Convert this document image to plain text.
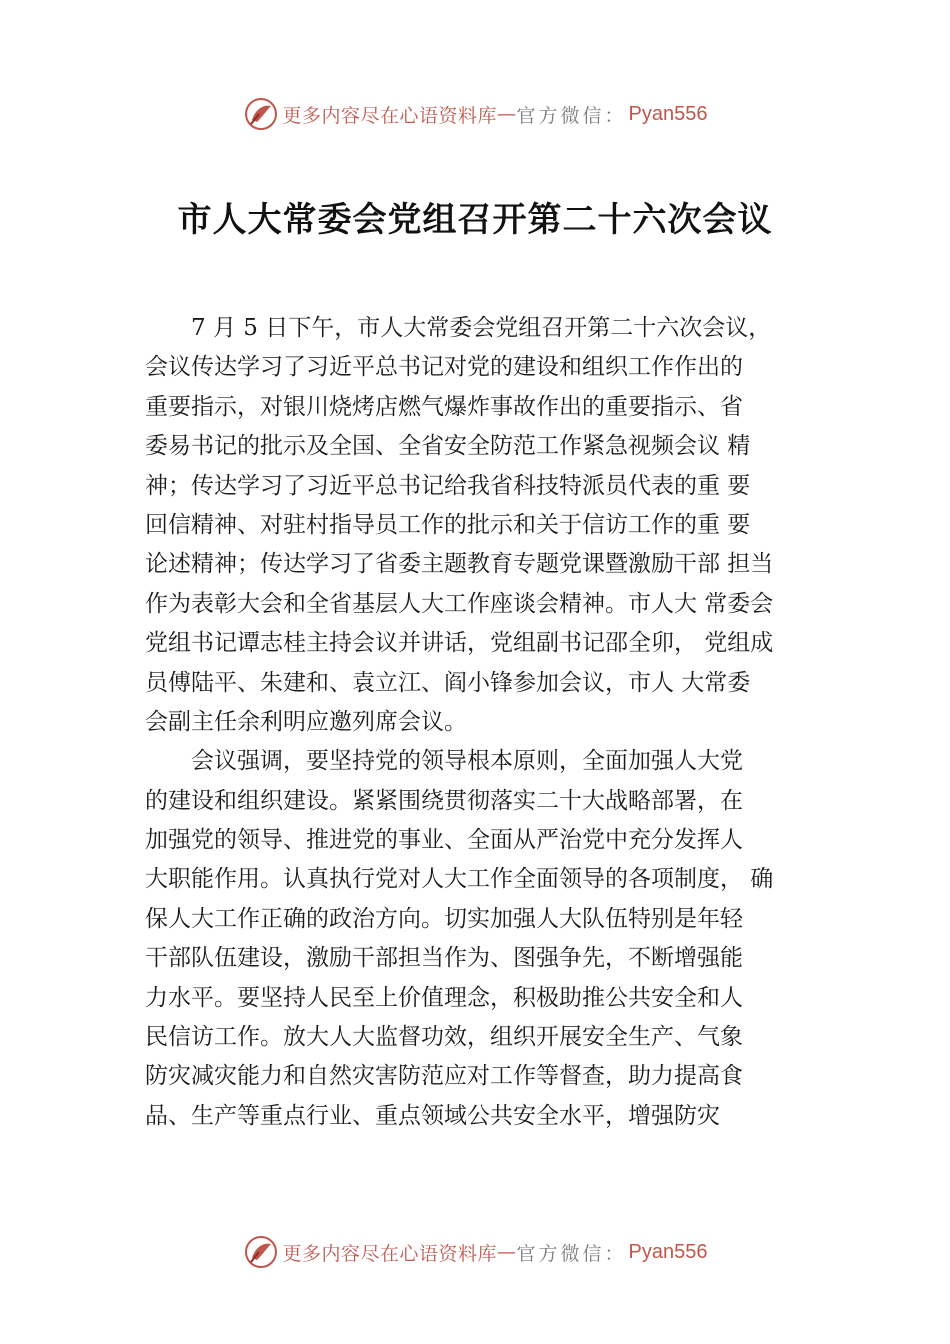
更多内容尽在心语资料库 — 官方微信： Pyan556
市人大常委会党组召开第二十六次会议
7 月 5 日下午，市人大常委会党组召开第二十六次会议，
会议传达学习了习近平总书记对党的建设和组织工作作出的
重要指示，对银川烧烤店燃气爆炸事故作出的重要指示、省
委易书记的批示及全国、全省安全防范工作紧急视频会议 精
神；传达学习了习近平总书记给我省科技特派员代表的重 要
回信精神、对驻村指导员工作的批示和关于信访工作的重 要
论述精神；传达学习了省委主题教育专题党课暨激励干部 担当
作为表彰大会和全省基层人大工作座谈会精神。市人大 常委会
党组书记谭志桂主持会议并讲话，党组副书记邵全卯， 党组成
员傅陆平、朱建和、袁立江、阎小锋参加会议，市人 大常委
会副主任余利明应邀列席会议。
会议强调，要坚持党的领导根本原则，全面加强人大党
的建设和组织建设。紧紧围绕贯彻落实二十大战略部署，在
加强党的领导、推进党的事业、全面从严治党中充分发挥人
大职能作用。认真执行党对人大工作全面领导的各项制度， 确
保人大工作正确的政治方向。切实加强人大队伍特别是年轻
干部队伍建设，激励干部担当作为、图强争先，不断增强能
力水平。要坚持人民至上价值理念，积极助推公共安全和人
民信访工作。放大人大监督功效，组织开展安全生产、气象
防灾减灾能力和自然灾害防范应对工作等督查，助力提高食
品、生产等重点行业、重点领域公共安全水平，增强防灾
更多内容尽在心语资料库 — 官方微信： Pyan556
